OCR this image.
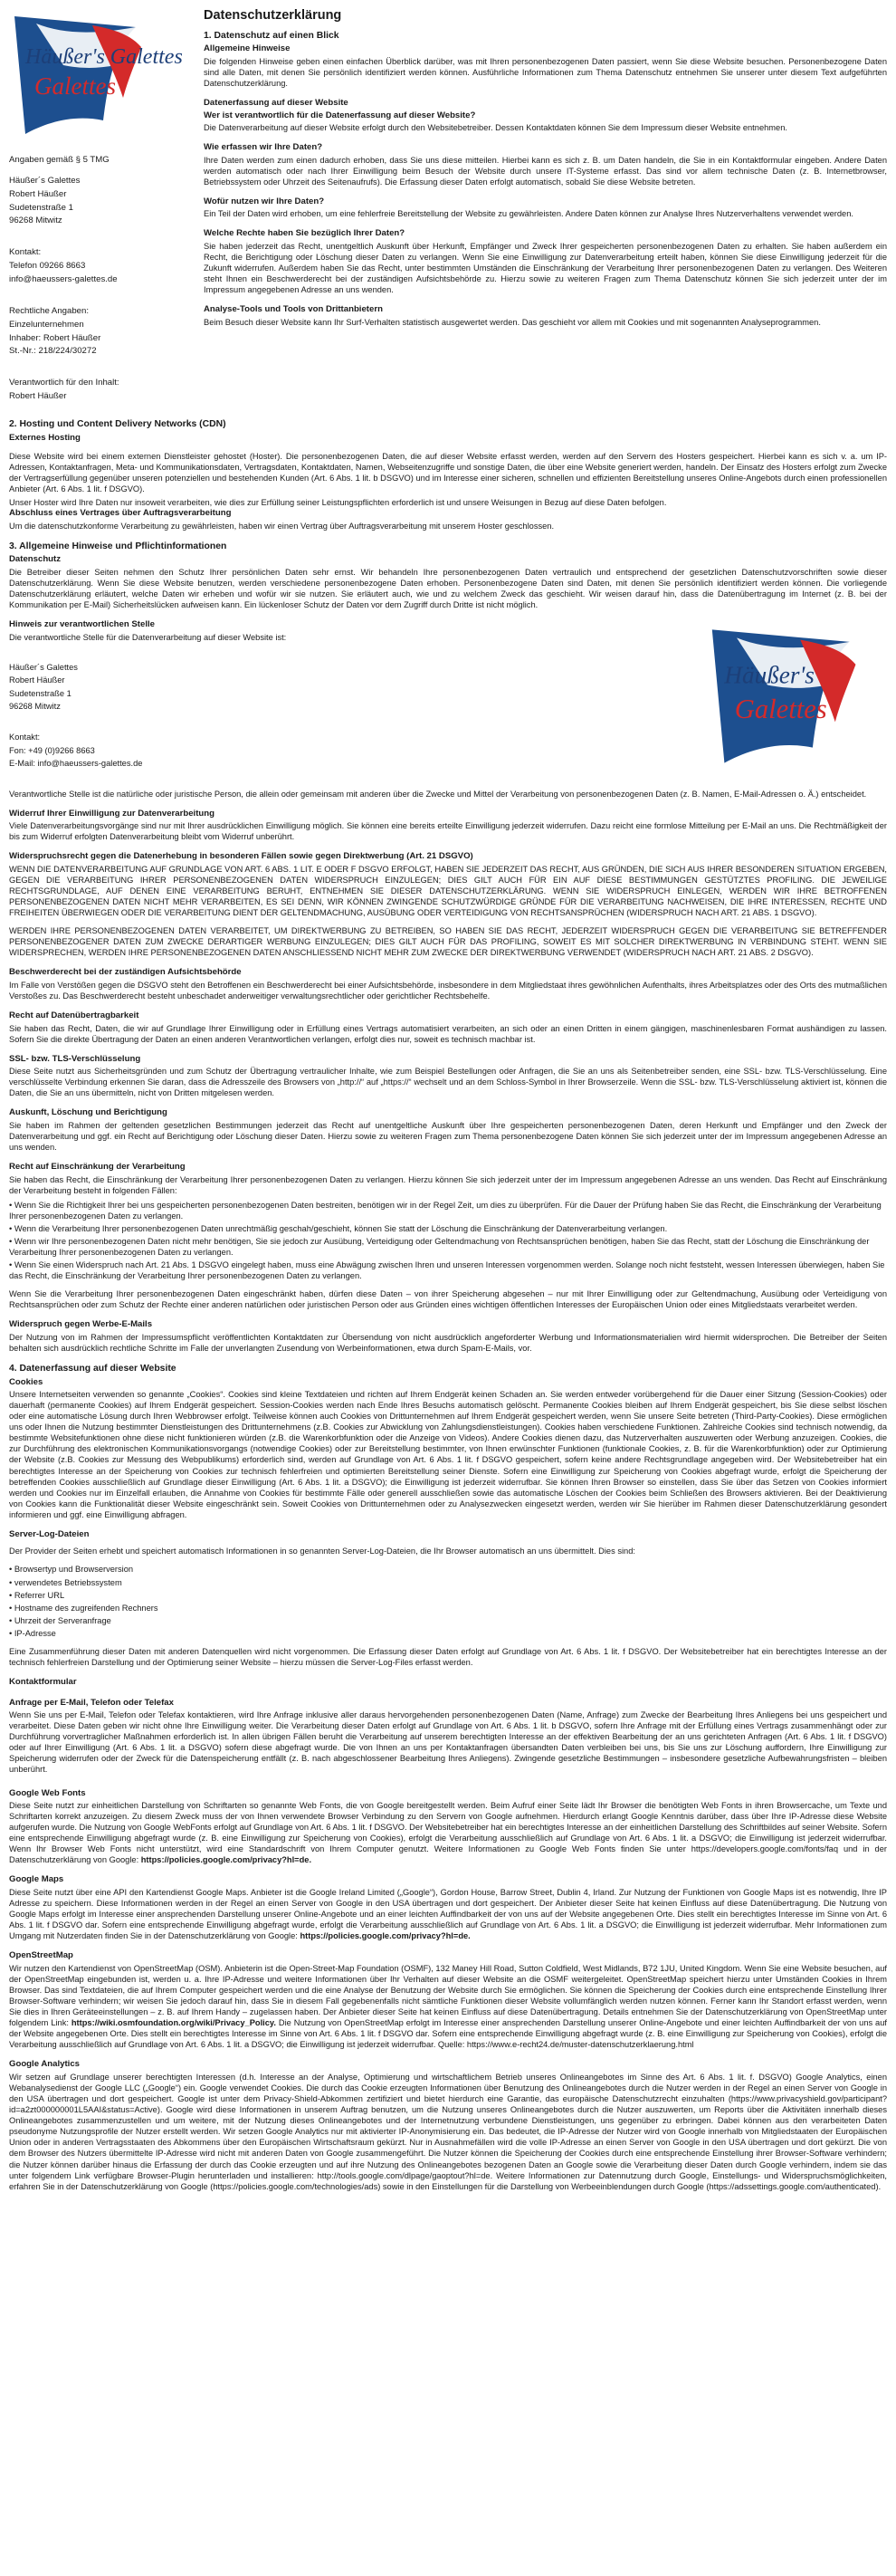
Häußer's Galettes
Galettes

Angaben gemäß § 5 TMG

Häußer´s Galettes

Robert Häußer

Sudetenstraße 1

96268 Mitwitz

Kontakt:

Telefon 09266 8663

info@haeussers-galettes.de

Rechtliche Angaben:

Einzelunternehmen

Inhaber: Robert Häußer

St.-Nr.: 218/224/30272

Verantwortlich für den Inhalt:

Robert Häußer

Datenschutzerklärung
1. Datenschutz auf einen Blick
Allgemeine Hinweise

Die folgenden Hinweise geben einen einfachen Überblick darüber, was mit Ihren personenbezogenen Daten passiert, wenn Sie diese Website besuchen. Personenbezogene Daten sind alle Daten, mit denen Sie persönlich identifiziert werden können. Ausführliche Informationen zum Thema Datenschutz entnehmen Sie unserer unter diesem Text aufgeführten Datenschutzerklärung.

Datenerfassung auf dieser Website
Wer ist verantwortlich für die Datenerfassung auf dieser Website?

Die Datenverarbeitung auf dieser Website erfolgt durch den Websitebetreiber. Dessen Kontaktdaten können Sie dem Impressum dieser Website entnehmen.

Wie erfassen wir Ihre Daten?

Ihre Daten werden zum einen dadurch erhoben, dass Sie uns diese mitteilen. Hierbei kann es sich z. B. um Daten handeln, die Sie in ein Kontaktformular eingeben. Andere Daten werden automatisch oder nach Ihrer Einwilligung beim Besuch der Website durch unsere IT-Systeme erfasst. Das sind vor allem technische Daten (z. B. Internetbrowser, Betriebssystem oder Uhrzeit des Seitenaufrufs). Die Erfassung dieser Daten erfolgt automatisch, sobald Sie diese Website betreten.

Wofür nutzen wir Ihre Daten?

Ein Teil der Daten wird erhoben, um eine fehlerfreie Bereitstellung der Website zu gewährleisten. Andere Daten können zur Analyse Ihres Nutzerverhaltens verwendet werden.

Welche Rechte haben Sie bezüglich Ihrer Daten?

Sie haben jederzeit das Recht, unentgeltlich Auskunft über Herkunft, Empfänger und Zweck Ihrer gespeicherten personenbezogenen Daten zu erhalten. Sie haben außerdem ein Recht, die Berichtigung oder Löschung dieser Daten zu verlangen. Wenn Sie eine Einwilligung zur Datenverarbeitung erteilt haben, können Sie diese Einwilligung jederzeit für die Zukunft widerrufen. Außerdem haben Sie das Recht, unter bestimmten Umständen die Einschränkung der Verarbeitung Ihrer personenbezogenen Daten zu verlangen. Des Weiteren steht Ihnen ein Beschwerderecht bei der zuständigen Aufsichtsbehörde zu. Hierzu sowie zu weiteren Fragen zum Thema Datenschutz können Sie sich jederzeit unter der im Impressum angegebenen Adresse an uns wenden.

Analyse-Tools und Tools von Drittanbietern

Beim Besuch dieser Website kann Ihr Surf-Verhalten statistisch ausgewertet werden. Das geschieht vor allem mit Cookies und mit sogenannten Analyseprogrammen.

2. Hosting und Content Delivery Networks (CDN)
Externes Hosting

Diese Website wird bei einem externen Dienstleister gehostet (Hoster). Die personenbezogenen Daten, die auf dieser Website erfasst werden, werden auf den Servern des Hosters gespeichert. Hierbei kann es sich v. a. um IP-Adressen, Kontaktanfragen, Meta- und Kommunikationsdaten, Vertragsdaten, Kontaktdaten, Namen, Webseitenzugriffe und sonstige Daten, die über eine Website generiert werden, handeln. Der Einsatz des Hosters erfolgt zum Zwecke der Vertragserfüllung gegenüber unseren potenziellen und bestehenden Kunden (Art. 6 Abs. 1 lit. b DSGVO) und im Interesse einer sicheren, schnellen und effizienten Bereitstellung unseres Online-Angebots durch einen professionellen Anbieter (Art. 6 Abs. 1 lit. f DSGVO).

Unser Hoster wird Ihre Daten nur insoweit verarbeiten, wie dies zur Erfüllung seiner Leistungspflichten erforderlich ist und unsere Weisungen in Bezug auf diese Daten befolgen.

Abschluss eines Vertrages über Auftragsverarbeitung

Um die datenschutzkonforme Verarbeitung zu gewährleisten, haben wir einen Vertrag über Auftragsverarbeitung mit unserem Hoster geschlossen.

3. Allgemeine Hinweise und Pflichtinformationen
Datenschutz

Die Betreiber dieser Seiten nehmen den Schutz Ihrer persönlichen Daten sehr ernst. Wir behandeln Ihre personenbezogenen Daten vertraulich und entsprechend der gesetzlichen Datenschutzvorschriften sowie dieser Datenschutzerklärung. Wenn Sie diese Website benutzen, werden verschiedene personenbezogene Daten erhoben. Personenbezogene Daten sind Daten, mit denen Sie persönlich identifiziert werden können. Die vorliegende Datenschutzerklärung erläutert, welche Daten wir erheben und wofür wir sie nutzen. Sie erläutert auch, wie und zu welchem Zweck das geschieht. Wir weisen darauf hin, dass die Datenübertragung im Internet (z. B. bei der Kommunikation per E-Mail) Sicherheitslücken aufweisen kann. Ein lückenloser Schutz der Daten vor dem Zugriff durch Dritte ist nicht möglich.

Häußer's
Galettes
Hinweis zur verantwortlichen Stelle

Die verantwortliche Stelle für die Datenverarbeitung auf dieser Website ist:

Häußer´s Galettes

Robert Häußer

Sudetenstraße 1

96268 Mitwitz

Kontakt:

Fon: +49 (0)9266 8663

E-Mail: info@haeussers-galettes.de

Verantwortliche Stelle ist die natürliche oder juristische Person, die allein oder gemeinsam mit anderen über die Zwecke und Mittel der Verarbeitung von personenbezogenen Daten (z. B. Namen, E-Mail-Adressen o. Ä.) entscheidet.

Widerruf Ihrer Einwilligung zur Datenverarbeitung

Viele Datenverarbeitungsvorgänge sind nur mit Ihrer ausdrücklichen Einwilligung möglich. Sie können eine bereits erteilte Einwilligung jederzeit widerrufen. Dazu reicht eine formlose Mitteilung per E-Mail an uns. Die Rechtmäßigkeit der bis zum Widerruf erfolgten Datenverarbeitung bleibt vom Widerruf unberührt.

Widerspruchsrecht gegen die Datenerhebung in besonderen Fällen sowie gegen Direktwerbung (Art. 21 DSGVO)

WENN DIE DATENVERARBEITUNG AUF GRUNDLAGE VON ART. 6 ABS. 1 LIT. E ODER F DSGVO ERFOLGT, HABEN SIE JEDERZEIT DAS RECHT, AUS GRÜNDEN, DIE SICH AUS IHRER BESONDEREN SITUATION ERGEBEN, GEGEN DIE VERARBEITUNG IHRER PERSONENBEZOGENEN DATEN WIDERSPRUCH EINZULEGEN; DIES GILT AUCH FÜR EIN AUF DIESE BESTIMMUNGEN GESTÜTZTES PROFILING. DIE JEWEILIGE RECHTSGRUNDLAGE, AUF DENEN EINE VERARBEITUNG BERUHT, ENTNEHMEN SIE DIESER DATENSCHUTZERKLÄRUNG. WENN SIE WIDERSPRUCH EINLEGEN, WERDEN WIR IHRE BETROFFENEN PERSONENBEZOGENEN DATEN NICHT MEHR VERARBEITEN, ES SEI DENN, WIR KÖNNEN ZWINGENDE SCHUTZWÜRDIGE GRÜNDE FÜR DIE VERARBEITUNG NACHWEISEN, DIE IHRE INTERESSEN, RECHTE UND FREIHEITEN ÜBERWIEGEN ODER DIE VERARBEITUNG DIENT DER GELTENDMACHUNG, AUSÜBUNG ODER VERTEIDIGUNG VON RECHTSANSPRÜCHEN (WIDERSPRUCH NACH ART. 21 ABS. 1 DSGVO).

WERDEN IHRE PERSONENBEZOGENEN DATEN VERARBEITET, UM DIREKTWERBUNG ZU BETREIBEN, SO HABEN SIE DAS RECHT, JEDERZEIT WIDERSPRUCH GEGEN DIE VERARBEITUNG SIE BETREFFENDER PERSONENBEZOGENER DATEN ZUM ZWECKE DERARTIGER WERBUNG EINZULEGEN; DIES GILT AUCH FÜR DAS PROFILING, SOWEIT ES MIT SOLCHER DIREKTWERBUNG IN VERBINDUNG STEHT. WENN SIE WIDERSPRECHEN, WERDEN IHRE PERSONENBEZOGENEN DATEN ANSCHLIESSEND NICHT MEHR ZUM ZWECKE DER DIREKTWERBUNG VERWENDET (WIDERSPRUCH NACH ART. 21 ABS. 2 DSGVO).

Beschwerderecht bei der zuständigen Aufsichtsbehörde

Im Falle von Verstößen gegen die DSGVO steht den Betroffenen ein Beschwerderecht bei einer Aufsichtsbehörde, insbesondere in dem Mitgliedstaat ihres gewöhnlichen Aufenthalts, ihres Arbeitsplatzes oder des Orts des mutmaßlichen Verstoßes zu. Das Beschwerderecht besteht unbeschadet anderweitiger verwaltungsrechtlicher oder gerichtlicher Rechtsbehelfe.

Recht auf Datenübertragbarkeit

Sie haben das Recht, Daten, die wir auf Grundlage Ihrer Einwilligung oder in Erfüllung eines Vertrags automatisiert verarbeiten, an sich oder an einen Dritten in einem gängigen, maschinenlesbaren Format aushändigen zu lassen. Sofern Sie die direkte Übertragung der Daten an einen anderen Verantwortlichen verlangen, erfolgt dies nur, soweit es technisch machbar ist.

SSL- bzw. TLS-Verschlüsselung

Diese Seite nutzt aus Sicherheitsgründen und zum Schutz der Übertragung vertraulicher Inhalte, wie zum Beispiel Bestellungen oder Anfragen, die Sie an uns als Seitenbetreiber senden, eine SSL- bzw. TLS-Verschlüsselung. Eine verschlüsselte Verbindung erkennen Sie daran, dass die Adresszeile des Browsers von „http://“ auf „https://“ wechselt und an dem Schloss-Symbol in Ihrer Browserzeile. Wenn die SSL- bzw. TLS-Verschlüsselung aktiviert ist, können die Daten, die Sie an uns übermitteln, nicht von Dritten mitgelesen werden.

Auskunft, Löschung und Berichtigung

Sie haben im Rahmen der geltenden gesetzlichen Bestimmungen jederzeit das Recht auf unentgeltliche Auskunft über Ihre gespeicherten personenbezogenen Daten, deren Herkunft und Empfänger und den Zweck der Datenverarbeitung und ggf. ein Recht auf Berichtigung oder Löschung dieser Daten. Hierzu sowie zu weiteren Fragen zum Thema personenbezogene Daten können Sie sich jederzeit unter der im Impressum angegebenen Adresse an uns wenden.

Recht auf Einschränkung der Verarbeitung

Sie haben das Recht, die Einschränkung der Verarbeitung Ihrer personenbezogenen Daten zu verlangen. Hierzu können Sie sich jederzeit unter der im Impressum angegebenen Adresse an uns wenden. Das Recht auf Einschränkung der Verarbeitung besteht in folgenden Fällen:

• Wenn Sie die Richtigkeit Ihrer bei uns gespeicherten personenbezogenen Daten bestreiten, benötigen wir in der Regel Zeit, um dies zu überprüfen. Für die Dauer der Prüfung haben Sie das Recht, die Einschränkung der Verarbeitung Ihrer personenbezogenen Daten zu verlangen.
• Wenn die Verarbeitung Ihrer personenbezogenen Daten unrechtmäßig geschah/geschieht, können Sie statt der Löschung die Einschränkung der Datenverarbeitung verlangen.
• Wenn wir Ihre personenbezogenen Daten nicht mehr benötigen, Sie sie jedoch zur Ausübung, Verteidigung oder Geltendmachung von Rechtsansprüchen benötigen, haben Sie das Recht, statt der Löschung die Einschränkung der Verarbeitung Ihrer personenbezogenen Daten zu verlangen.
• Wenn Sie einen Widerspruch nach Art. 21 Abs. 1 DSGVO eingelegt haben, muss eine Abwägung zwischen Ihren und unseren Interessen vorgenommen werden. Solange noch nicht feststeht, wessen Interessen überwiegen, haben Sie das Recht, die Einschränkung der Verarbeitung Ihrer personenbezogenen Daten zu verlangen.

Wenn Sie die Verarbeitung Ihrer personenbezogenen Daten eingeschränkt haben, dürfen diese Daten – von ihrer Speicherung abgesehen – nur mit Ihrer Einwilligung oder zur Geltendmachung, Ausübung oder Verteidigung von Rechtsansprüchen oder zum Schutz der Rechte einer anderen natürlichen oder juristischen Person oder aus Gründen eines wichtigen öffentlichen Interesses der Europäischen Union oder eines Mitgliedstaats verarbeitet werden.

Widerspruch gegen Werbe-E-Mails

Der Nutzung von im Rahmen der Impressumspflicht veröffentlichten Kontaktdaten zur Übersendung von nicht ausdrücklich angeforderter Werbung und Informationsmaterialien wird hiermit widersprochen. Die Betreiber der Seiten behalten sich ausdrücklich rechtliche Schritte im Falle der unverlangten Zusendung von Werbeinformationen, etwa durch Spam-E-Mails, vor.

4. Datenerfassung auf dieser Website
Cookies

Unsere Internetseiten verwenden so genannte „Cookies“. Cookies sind kleine Textdateien und richten auf Ihrem Endgerät keinen Schaden an. Sie werden entweder vorübergehend für die Dauer einer Sitzung (Session-Cookies) oder dauerhaft (permanente Cookies) auf Ihrem Endgerät gespeichert. Session-Cookies werden nach Ende Ihres Besuchs automatisch gelöscht. Permanente Cookies bleiben auf Ihrem Endgerät gespeichert, bis Sie diese selbst löschen oder eine automatische Lösung durch Ihren Webbrowser erfolgt. Teilweise können auch Cookies von Drittunternehmen auf Ihrem Endgerät gespeichert werden, wenn Sie unsere Seite betreten (Third-Party-Cookies). Diese ermöglichen uns oder Ihnen die Nutzung bestimmter Dienstleistungen des Drittunternehmens (z.B. Cookies zur Abwicklung von Zahlungsdienstleistungen). Cookies haben verschiedene Funktionen. Zahlreiche Cookies sind technisch notwendig, da bestimmte Websitefunktionen ohne diese nicht funktionieren würden (z.B. die Warenkorbfunktion oder die Anzeige von Videos). Andere Cookies dienen dazu, das Nutzerverhalten auszuwerten oder Werbung anzuzeigen. Cookies, die zur Durchführung des elektronischen Kommunikationsvorgangs (notwendige Cookies) oder zur Bereitstellung bestimmter, von Ihnen erwünschter Funktionen (funktionale Cookies, z. B. für die Warenkorbfunktion) oder zur Optimierung der Website (z.B. Cookies zur Messung des Webpublikums) erforderlich sind, werden auf Grundlage von Art. 6 Abs. 1 lit. f DSGVO gespeichert, sofern keine andere Rechtsgrundlage angegeben wird. Der Websitebetreiber hat ein berechtigtes Interesse an der Speicherung von Cookies zur technisch fehlerfreien und optimierten Bereitstellung seiner Dienste. Sofern eine Einwilligung zur Speicherung von Cookies abgefragt wurde, erfolgt die Speicherung der betreffenden Cookies ausschließlich auf Grundlage dieser Einwilligung (Art. 6 Abs. 1 lit. a DSGVO); die Einwilligung ist jederzeit widerrufbar. Sie können Ihren Browser so einstellen, dass Sie über das Setzen von Cookies informiert werden und Cookies nur im Einzelfall erlauben, die Annahme von Cookies für bestimmte Fälle oder generell ausschließen sowie das automatische Löschen der Cookies beim Schließen des Browsers aktivieren. Bei der Deaktivierung von Cookies kann die Funktionalität dieser Website eingeschränkt sein. Soweit Cookies von Drittunternehmen oder zu Analysezwecken eingesetzt werden, werden wir Sie hierüber im Rahmen dieser Datenschutzerklärung gesondert informieren und ggf. eine Einwilligung abfragen.

Server-Log-Dateien

Der Provider der Seiten erhebt und speichert automatisch Informationen in so genannten Server-Log-Dateien, die Ihr Browser automatisch an uns übermittelt. Dies sind:

• Browsertyp und Browserversion
• verwendetes Betriebssystem
• Referrer URL
• Hostname des zugreifenden Rechners
• Uhrzeit der Serveranfrage
• IP-Adresse

Eine Zusammenführung dieser Daten mit anderen Datenquellen wird nicht vorgenommen. Die Erfassung dieser Daten erfolgt auf Grundlage von Art. 6 Abs. 1 lit. f DSGVO. Der Websitebetreiber hat ein berechtigtes Interesse an der technisch fehlerfreien Darstellung und der Optimierung seiner Website – hierzu müssen die Server-Log-Files erfasst werden.

Kontaktformular
Anfrage per E-Mail, Telefon oder Telefax

Wenn Sie uns per E-Mail, Telefon oder Telefax kontaktieren, wird Ihre Anfrage inklusive aller daraus hervorgehenden personenbezogenen Daten (Name, Anfrage) zum Zwecke der Bearbeitung Ihres Anliegens bei uns gespeichert und verarbeitet. Diese Daten geben wir nicht ohne Ihre Einwilligung weiter. Die Verarbeitung dieser Daten erfolgt auf Grundlage von Art. 6 Abs. 1 lit. b DSGVO, sofern Ihre Anfrage mit der Erfüllung eines Vertrags zusammenhängt oder zur Durchführung vorvertraglicher Maßnahmen erforderlich ist. In allen übrigen Fällen beruht die Verarbeitung auf unserem berechtigten Interesse an der effektiven Bearbeitung der an uns gerichteten Anfragen (Art. 6 Abs. 1 lit. f DSGVO) oder auf Ihrer Einwilligung (Art. 6 Abs. 1 lit. a DSGVO) sofern diese abgefragt wurde. Die von Ihnen an uns per Kontaktanfragen übersandten Daten verbleiben bei uns, bis Sie uns zur Löschung auffordern, Ihre Einwilligung zur Speicherung widerrufen oder der Zweck für die Datenspeicherung entfällt (z. B. nach abgeschlossener Bearbeitung Ihres Anliegens). Zwingende gesetzliche Bestimmungen – insbesondere gesetzliche Aufbewahrungsfristen – bleiben unberührt.

Google Web Fonts

Diese Seite nutzt zur einheitlichen Darstellung von Schriftarten so genannte Web Fonts, die von Google bereitgestellt werden. Beim Aufruf einer Seite lädt Ihr Browser die benötigten Web Fonts in ihren Browsercache, um Texte und Schriftarten korrekt anzuzeigen. Zu diesem Zweck muss der von Ihnen verwendete Browser Verbindung zu den Servern von Google aufnehmen. Hierdurch erlangt Google Kenntnis darüber, dass über Ihre IP-Adresse diese Website aufgerufen wurde. Die Nutzung von Google WebFonts erfolgt auf Grundlage von Art. 6 Abs. 1 lit. f DSGVO. Der Websitebetreiber hat ein berechtigtes Interesse an der einheitlichen Darstellung des Schriftbildes auf seiner Website. Sofern eine entsprechende Einwilligung abgefragt wurde (z. B. eine Einwilligung zur Speicherung von Cookies), erfolgt die Verarbeitung ausschließlich auf Grundlage von Art. 6 Abs. 1 lit. a DSGVO; die Einwilligung ist jederzeit widerrufbar. Wenn Ihr Browser Web Fonts nicht unterstützt, wird eine Standardschrift von Ihrem Computer genutzt. Weitere Informationen zu Google Web Fonts finden Sie unter https://developers.google.com/fonts/faq und in der Datenschutzerklärung von Google: https://policies.google.com/privacy?hl=de.

Google Maps

Diese Seite nutzt über eine API den Kartendienst Google Maps. Anbieter ist die Google Ireland Limited („Google“), Gordon House, Barrow Street, Dublin 4, Irland. Zur Nutzung der Funktionen von Google Maps ist es notwendig, Ihre IP Adresse zu speichern. Diese Informationen werden in der Regel an einen Server von Google in den USA übertragen und dort gespeichert. Der Anbieter dieser Seite hat keinen Einfluss auf diese Datenübertragung. Die Nutzung von Google Maps erfolgt im Interesse einer ansprechenden Darstellung unserer Online-Angebote und an einer leichten Auffindbarkeit der von uns auf der Website angegebenen Orte. Dies stellt ein berechtigtes Interesse im Sinne von Art. 6 Abs. 1 lit. f DSGVO dar. Sofern eine entsprechende Einwilligung abgefragt wurde, erfolgt die Verarbeitung ausschließlich auf Grundlage von Art. 6 Abs. 1 lit. a DSGVO; die Einwilligung ist jederzeit widerrufbar. Mehr Informationen zum Umgang mit Nutzerdaten finden Sie in der Datenschutzerklärung von Google: https://policies.google.com/privacy?hl=de.

OpenStreetMap

Wir nutzen den Kartendienst von OpenStreetMap (OSM). Anbieterin ist die Open-Street-Map Foundation (OSMF), 132 Maney Hill Road, Sutton Coldfield, West Midlands, B72 1JU, United Kingdom. Wenn Sie eine Website besuchen, auf der OpenStreetMap eingebunden ist, werden u. a. Ihre IP-Adresse und weitere Informationen über Ihr Verhalten auf dieser Website an die OSMF weitergeleitet. OpenStreetMap speichert hierzu unter Umständen Cookies in Ihrem Browser. Das sind Textdateien, die auf Ihrem Computer gespeichert werden und die eine Analyse der Benutzung der Website durch Sie ermöglichen. Sie können die Speicherung der Cookies durch eine entsprechende Einstellung Ihrer Browser-Software verhindern; wir weisen Sie jedoch darauf hin, dass Sie in diesem Fall gegebenenfalls nicht sämtliche Funktionen dieser Website vollumfänglich werden nutzen können. Ferner kann Ihr Standort erfasst werden, wenn Sie dies in Ihren Geräteeinstellungen – z. B. auf Ihrem Handy – zugelassen haben. Der Anbieter dieser Seite hat keinen Einfluss auf diese Datenübertragung. Details entnehmen Sie der Datenschutzerklärung von OpenStreetMap unter folgendem Link: https://wiki.osmfoundation.org/wiki/Privacy_Policy. Die Nutzung von OpenStreetMap erfolgt im Interesse einer ansprechenden Darstellung unserer Online-Angebote und einer leichten Auffindbarkeit der von uns auf der Website angegebenen Orte. Dies stellt ein berechtigtes Interesse im Sinne von Art. 6 Abs. 1 lit. f DSGVO dar. Sofern eine entsprechende Einwilligung abgefragt wurde (z. B. eine Einwilligung zur Speicherung von Cookies), erfolgt die Verarbeitung ausschließlich auf Grundlage von Art. 6 Abs. 1 lit. a DSGVO; die Einwilligung ist jederzeit widerrufbar. Quelle: https://www.e-recht24.de/muster-datenschutzerklaerung.html

Google Analytics

Wir setzen auf Grundlage unserer berechtigten Interessen (d.h. Interesse an der Analyse, Optimierung und wirtschaftlichem Betrieb unseres Onlineangebotes im Sinne des Art. 6 Abs. 1 lit. f. DSGVO) Google Analytics, einen Webanalysedienst der Google LLC („Google“) ein. Google verwendet Cookies. Die durch das Cookie erzeugten Informationen über Benutzung des Onlineangebotes durch die Nutzer werden in der Regel an einen Server von Google in den USA übertragen und dort gespeichert. Google ist unter dem Privacy-Shield-Abkommen zertifiziert und bietet hierdurch eine Garantie, das europäische Datenschutzrecht einzuhalten (https://www.privacyshield.gov/participant?id=a2zt000000001L5AAI&status=Active). Google wird diese Informationen in unserem Auftrag benutzen, um die Nutzung unseres Onlineangebotes durch die Nutzer auszuwerten, um Reports über die Aktivitäten innerhalb dieses Onlineangebotes zusammenzustellen und um weitere, mit der Nutzung dieses Onlineangebotes und der Internetnutzung verbundene Dienstleistungen, uns gegenüber zu erbringen. Dabei können aus den verarbeiteten Daten pseudonyme Nutzungsprofile der Nutzer erstellt werden. Wir setzen Google Analytics nur mit aktivierter IP-Anonymisierung ein. Das bedeutet, die IP-Adresse der Nutzer wird von Google innerhalb von Mitgliedstaaten der Europäischen Union oder in anderen Vertragsstaaten des Abkommens über den Europäischen Wirtschaftsraum gekürzt. Nur in Ausnahmefällen wird die volle IP-Adresse an einen Server von Google in den USA übertragen und dort gekürzt. Die von dem Browser des Nutzers übermittelte IP-Adresse wird nicht mit anderen Daten von Google zusammengeführt. Die Nutzer können die Speicherung der Cookies durch eine entsprechende Einstellung ihrer Browser-Software verhindern; die Nutzer können darüber hinaus die Erfassung der durch das Cookie erzeugten und auf ihre Nutzung des Onlineangebotes bezogenen Daten an Google sowie die Verarbeitung dieser Daten durch Google verhindern, indem sie das unter folgendem Link verfügbare Browser-Plugin herunterladen und installieren: http://tools.google.com/dlpage/gaoptout?hl=de. Weitere Informationen zur Datennutzung durch Google, Einstellungs- und Widerspruchsmöglichkeiten, erfahren Sie in der Datenschutzerklärung von Google (https://policies.google.com/technologies/ads) sowie in den Einstellungen für die Darstellung von Werbeeinblendungen durch Google (https://adssettings.google.com/authenticated).
